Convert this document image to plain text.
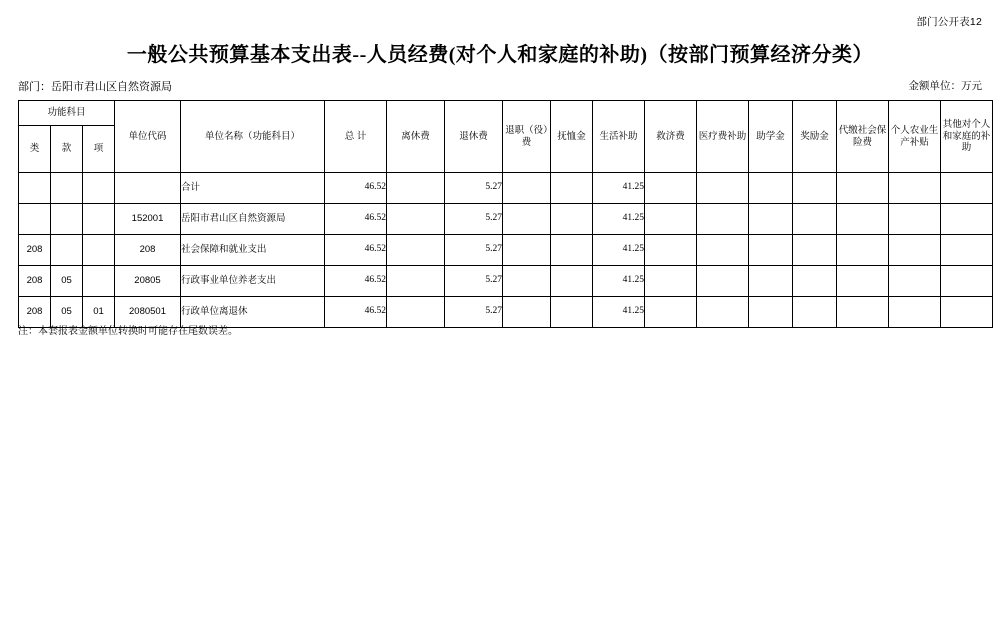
部门公开表12
一般公共预算基本支出表--人员经费(对个人和家庭的补助)（按部门预算经济分类）
部门：岳阳市君山区自然资源局	金额单位：万元
功能科目			单位代码	单位名称（功能科目）	总 计	离休费	退休费	退职（役）费	抚恤金	生活补助	救济费	医疗费补助	助学金	奖励金	代缴社会保险费	个人农业生产补贴	其他对个人和家庭的补助
类	款	项															
				合计	46.52		5.27			41.25							
			152001	岳阳市君山区自然资源局	46.52		5.27			41.25							
208			208	社会保障和就业支出	46.52		5.27			41.25							
208	05		20805	行政事业单位养老支出	46.52		5.27			41.25							
208	05	01	2080501	行政单位离退休	46.52		5.27			41.25							
注：本套报表金额单位转换时可能存在尾数误差。
